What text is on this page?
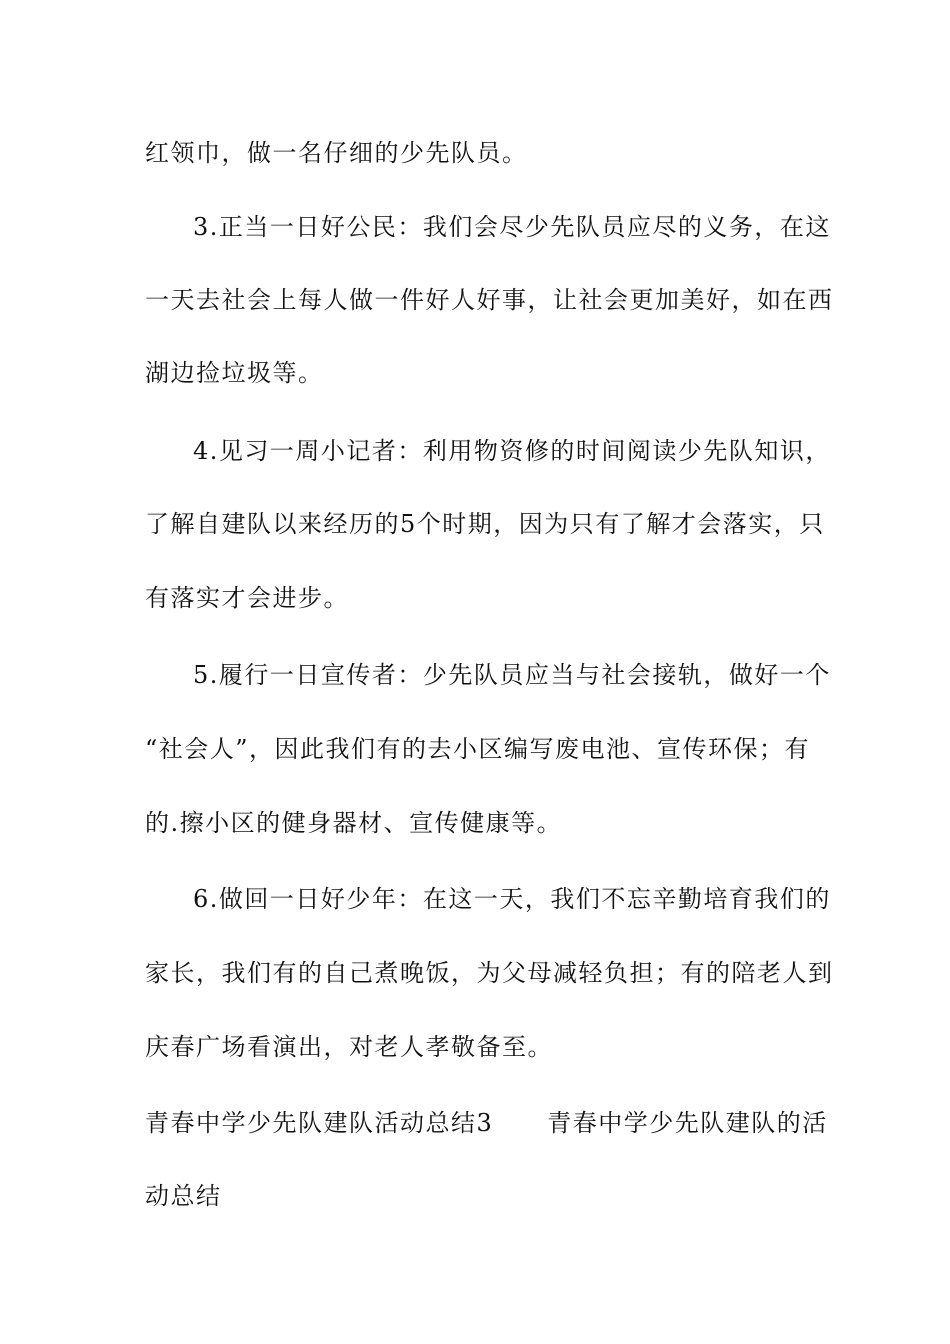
红领巾，做一名仔细的少先队员。
3.正当一日好公民：我们会尽少先队员应尽的义务，在这
一天去社会上每人做一件好人好事，让社会更加美好，如在西
湖边捡垃圾等。
4.见习一周小记者：利用物资修的时间阅读少先队知识，
了解自建队以来经历的5个时期，因为只有了解才会落实，只
有落实才会进步。
5.履行一日宣传者：少先队员应当与社会接轨，做好一个
“社会人”，因此我们有的去小区编写废电池、宣传环保；有
的.擦小区的健身器材、宣传健康等。
6.做回一日好少年：在这一天，我们不忘辛勤培育我们的
家长，我们有的自己煮晚饭，为父母减轻负担；有的陪老人到
庆春广场看演出，对老人孝敬备至。
青春中学少先队建队活动总结3 青春中学少先队建队的活
动总结
